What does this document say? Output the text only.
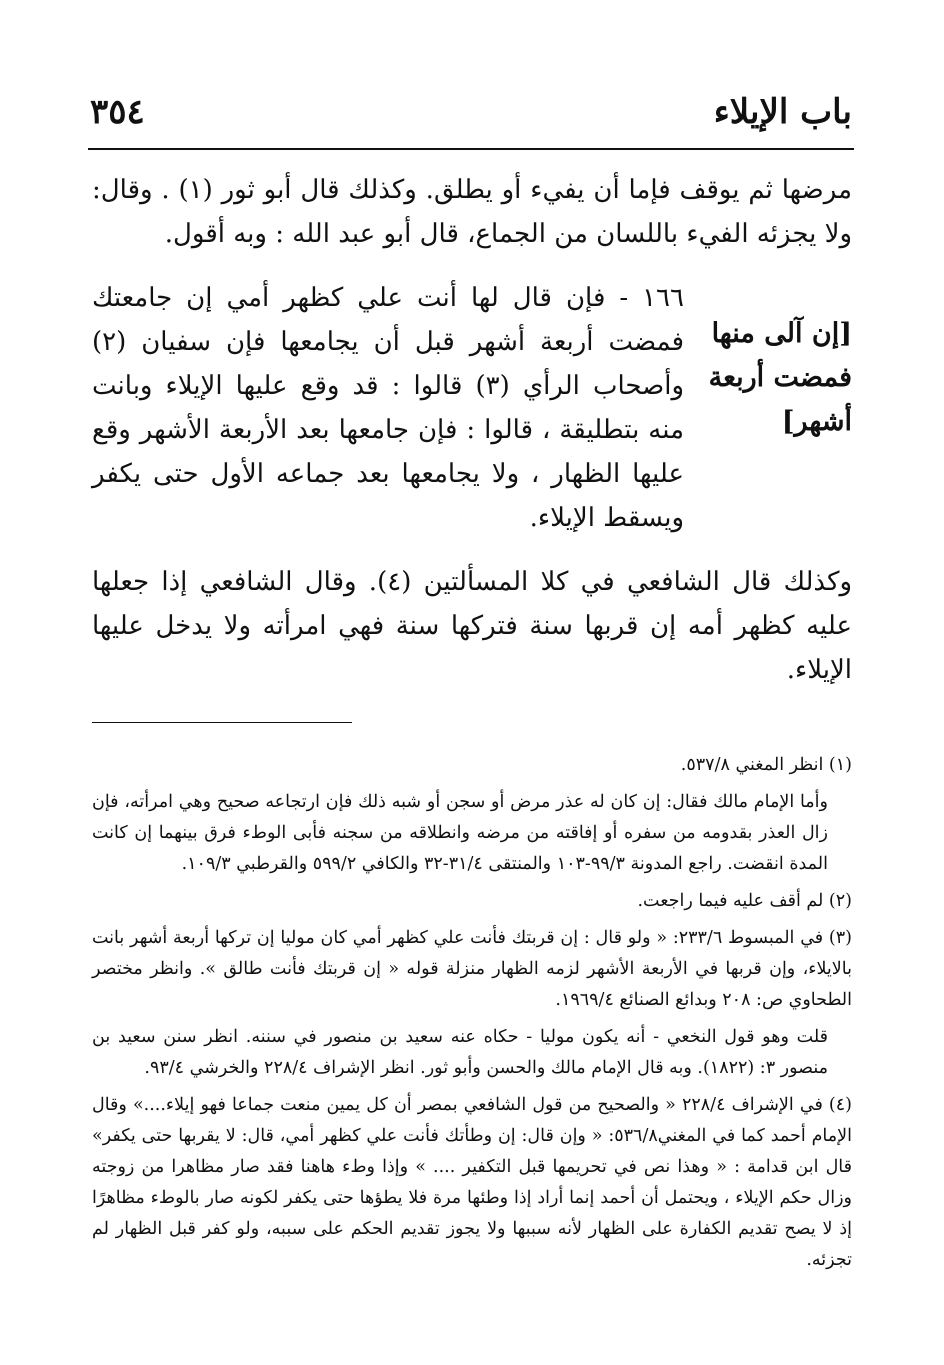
باب الإيلاء
٣٥٤

مرضها ثم يوقف فإما أن يفيء أو يطلق. وكذلك قال أبو ثور (١) . وقال: ولا يجزئه الفيء باللسان من الجماع، قال أبو عبد الله : وبه أقول.

١٦٦ - فإن قال لها أنت علي كظهر أمي إن جامعتك فمضت أربعة أشهر قبل أن يجامعها فإن سفيان (٢) وأصحاب الرأي (٣) قالوا : قد وقع عليها الإيلاء وبانت منه بتطليقة ، قالوا : فإن جامعها بعد الأربعة الأشهر وقع عليها الظهار ، ولا يجامعها بعد جماعه الأول حتى يكفر ويسقط الإيلاء.

وكذلك قال الشافعي في كلا المسألتين (٤). وقال الشافعي إذا جعلها عليه كظهر أمه إن قربها سنة فتركها سنة فهي امرأته ولا يدخل عليها الإيلاء.

[إن آلى منها فمضت أربعة أشهر]

(١) انظر المغني ٥٣٧/٨.

وأما الإمام مالك فقال: إن كان له عذر مرض أو سجن أو شبه ذلك فإن ارتجاعه صحيح وهي امرأته، فإن زال العذر بقدومه من سفره أو إفاقته من مرضه وانطلاقه من سجنه فأبى الوطء فرق بينهما إن كانت المدة انقضت. راجع المدونة ٩٩/٣-١٠٣ والمنتقى ٣١/٤-٣٢ والكافي ٥٩٩/٢ والقرطبي ١٠٩/٣.

(٢) لم أقف عليه فيما راجعت.

(٣) في المبسوط ٢٣٣/٦: « ولو قال : إن قربتك فأنت علي كظهر أمي كان موليا إن تركها أربعة أشهر بانت بالايلاء، وإن قربها في الأربعة الأشهر لزمه الظهار منزلة قوله « إن قربتك فأنت طالق ». وانظر مختصر الطحاوي ص: ٢٠٨ وبدائع الصنائع ١٩٦٩/٤.

قلت وهو قول النخعي - أنه يكون موليا - حكاه عنه سعيد بن منصور في سننه. انظر سنن سعيد بن منصور ٣: (١٨٢٢). وبه قال الإمام مالك والحسن وأبو ثور. انظر الإشراف ٢٢٨/٤ والخرشي ٩٣/٤.

(٤) في الإشراف ٢٢٨/٤ « والصحيح من قول الشافعي بمصر أن كل يمين منعت جماعا فهو إيلاء....» وقال الإمام أحمد كما في المغني٥٣٦/٨: « وإن قال: إن وطأتك فأنت علي كظهر أمي، قال: لا يقربها حتى يكفر» قال ابن قدامة : « وهذا نص في تحريمها قبل التكفير .... » وإذا وطء هاهنا فقد صار مظاهرا من زوجته وزال حكم الإيلاء ، ويحتمل أن أحمد إنما أراد إذا وطئها مرة فلا يطؤها حتى يكفر لكونه صار بالوطء مظاهرًا إذ لا يصح تقديم الكفارة على الظهار لأنه سببها ولا يجوز تقديم الحكم على سببه، ولو كفر قبل الظهار لم تجزئه.
